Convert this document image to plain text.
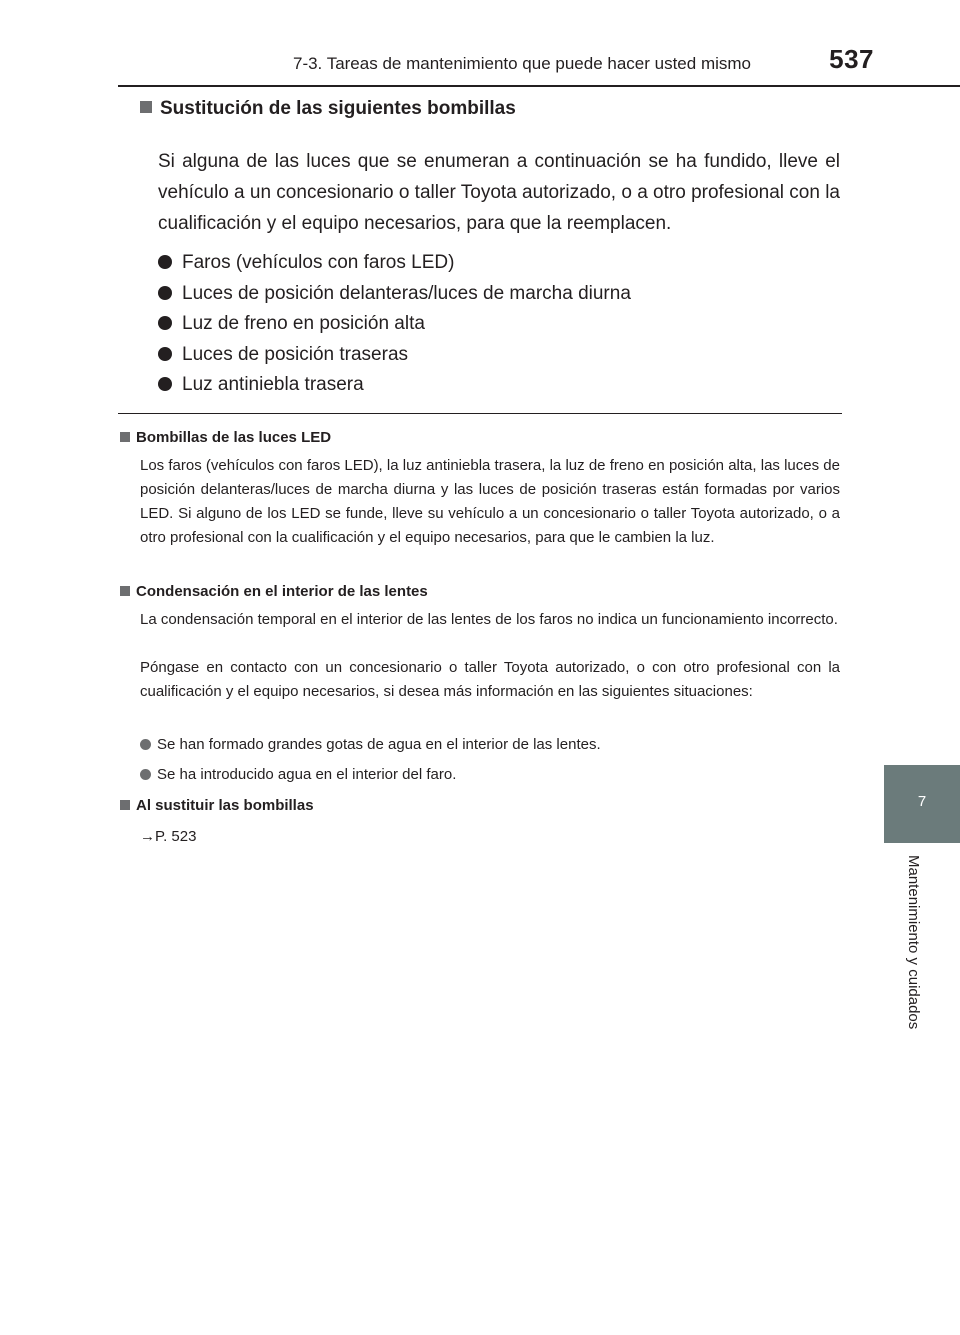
7-3. Tareas de mantenimiento que puede hacer usted mismo	537
7
Mantenimiento y cuidados
Sustitución de las siguientes bombillas
Si alguna de las luces que se enumeran a continuación se ha fundido, lleve el vehículo a un concesionario o taller Toyota autorizado, o a otro profesional con la cualificación y el equipo necesarios, para que la reemplacen.
Faros (vehículos con faros LED)
Luces de posición delanteras/luces de marcha diurna
Luz de freno en posición alta
Luces de posición traseras
Luz antiniebla trasera
Bombillas de las luces LED
Los faros (vehículos con faros LED), la luz antiniebla trasera, la luz de freno en posición alta, las luces de posición delanteras/luces de marcha diurna y las luces de posición traseras están formadas por varios LED. Si alguno de los LED se funde, lleve su vehículo a un concesionario o taller Toyota autorizado, o a otro profesional con la cualificación y el equipo necesarios, para que le cambien la luz.
Condensación en el interior de las lentes
La condensación temporal en el interior de las lentes de los faros no indica un funcionamiento incorrecto.
Póngase en contacto con un concesionario o taller Toyota autorizado, o con otro profesional con la cualificación y el equipo necesarios, si desea más información en las siguientes situaciones:
Se han formado grandes gotas de agua en el interior de las lentes.
Se ha introducido agua en el interior del faro.
Al sustituir las bombillas
→P. 523
